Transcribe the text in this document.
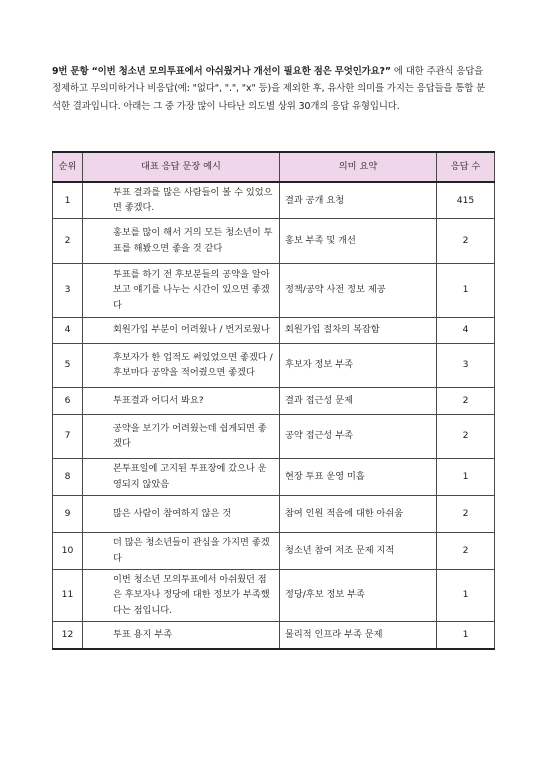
9번 문항 “이번 청소년 모의투표에서 아쉬웠거나 개선이 필요한 점은 무엇인가요?” 에 대한 주관식 응답을 정제하고 무의미하거나 비응답(예: "없다", ".", "x" 등)을 제외한 후, 유사한 의미를 가지는 응답들을 통합 분석한 결과입니다. 아래는 그 중 가장 많이 나타난 의도별 상위 30개의 응답 유형입니다.
순위	대표 응답 문장 예시	의미 요약	응답 수
1	투표 결과를 많은 사람들이 볼 수 있었으면 좋겠다.	결과 공개 요청	415
2	홍보를 많이 해서 거의 모든 청소년이 투표를 해봤으면 좋을 것 같다	홍보 부족 및 개선	2
3	투표를 하기 전 후보분들의 공약을 알아보고 얘기를 나누는 시간이 있으면 좋겠다	정책/공약 사전 정보 제공	1
4	회원가입 부분이 어려웠나 / 번거로웠나	회원가입 절차의 복잡함	4
5	후보자가 한 업적도 써있었으면 좋겠다 / 후보마다 공약을 적어줬으면 좋겠다	후보자 정보 부족	3
6	투표결과 어디서 봐요?	결과 접근성 문제	2
7	공약을 보기가 어려웠는데 쉽게되면 좋겠다	공약 접근성 부족	2
8	본투표일에 고지된 투표장에 갔으나 운영되지 않았음	현장 투표 운영 미흡	1
9	많은 사람이 참여하지 않은 것	참여 인원 적음에 대한 아쉬움	2
10	더 많은 청소년들이 관심을 가지면 좋겠다	청소년 참여 저조 문제 지적	2
11	이번 청소년 모의투표에서 아쉬웠던 점은 후보자나 정당에 대한 정보가 부족했다는 점입니다.	정당/후보 정보 부족	1
12	투표 용지 부족	물리적 인프라 부족 문제	1
